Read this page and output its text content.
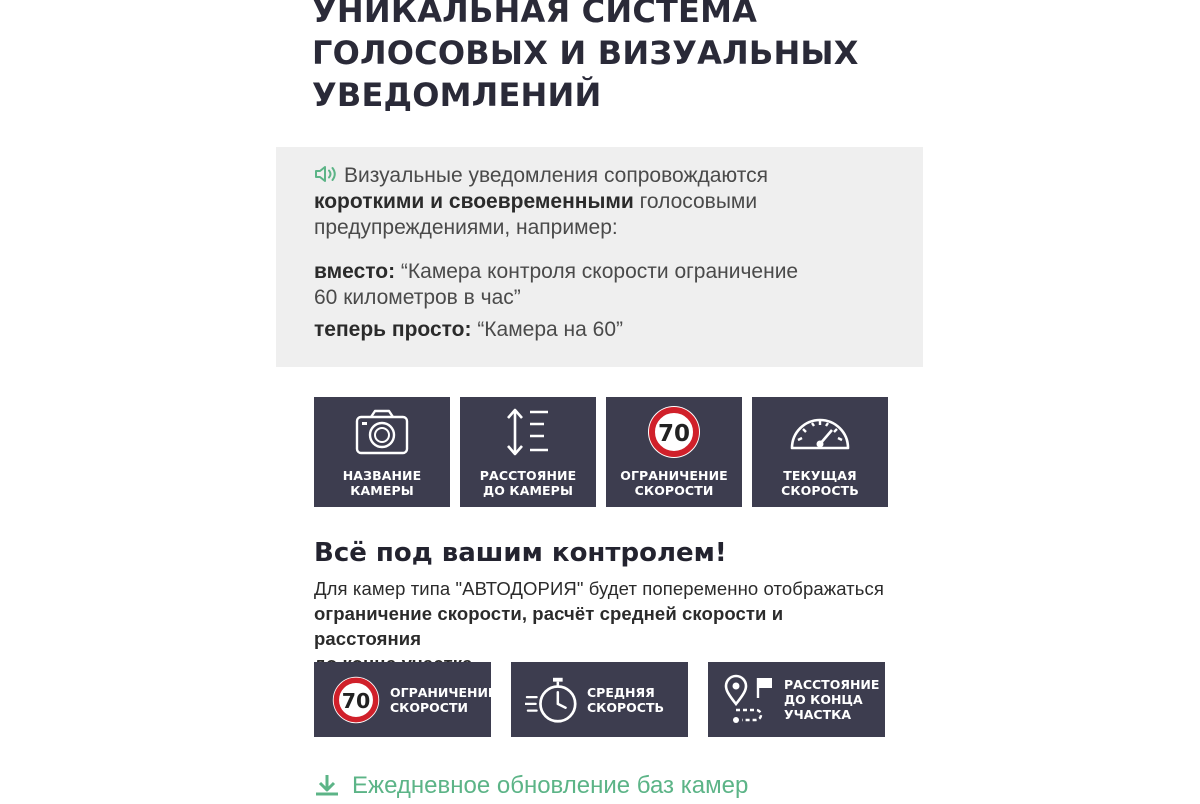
УНИКАЛЬНАЯ СИСТЕМА
ГОЛОСОВЫХ И ВИЗУАЛЬНЫХ
УВЕДОМЛЕНИЙ
Визуальные уведомления сопровождаются
короткими и своевременными голосовыми
предупреждениями, например:
вместо: “Камера контроля скорости ограничение
60 километров в час”
теперь просто: “Камера на 60”
НАЗВАНИЕ
КАМЕРЫ
РАССТОЯНИЕ
ДО КАМЕРЫ
70
ОГРАНИЧЕНИЕ
СКОРОСТИ
ТЕКУЩАЯ
СКОРОСТЬ
Всё под вашим контролем!
Для камер типа "АВТОДОРИЯ" будет попеременно отображаться
ограничение скорости, расчёт средней скорости и расстояния
70 ОГРАНИЧЕНИЕ
СКОРОСТИ
СРЕДНЯЯ
СКОРОСТЬ
РАССТОЯНИЕ
ДО КОНЦА
УЧАСТКА
Ежедневное обновление баз камер
